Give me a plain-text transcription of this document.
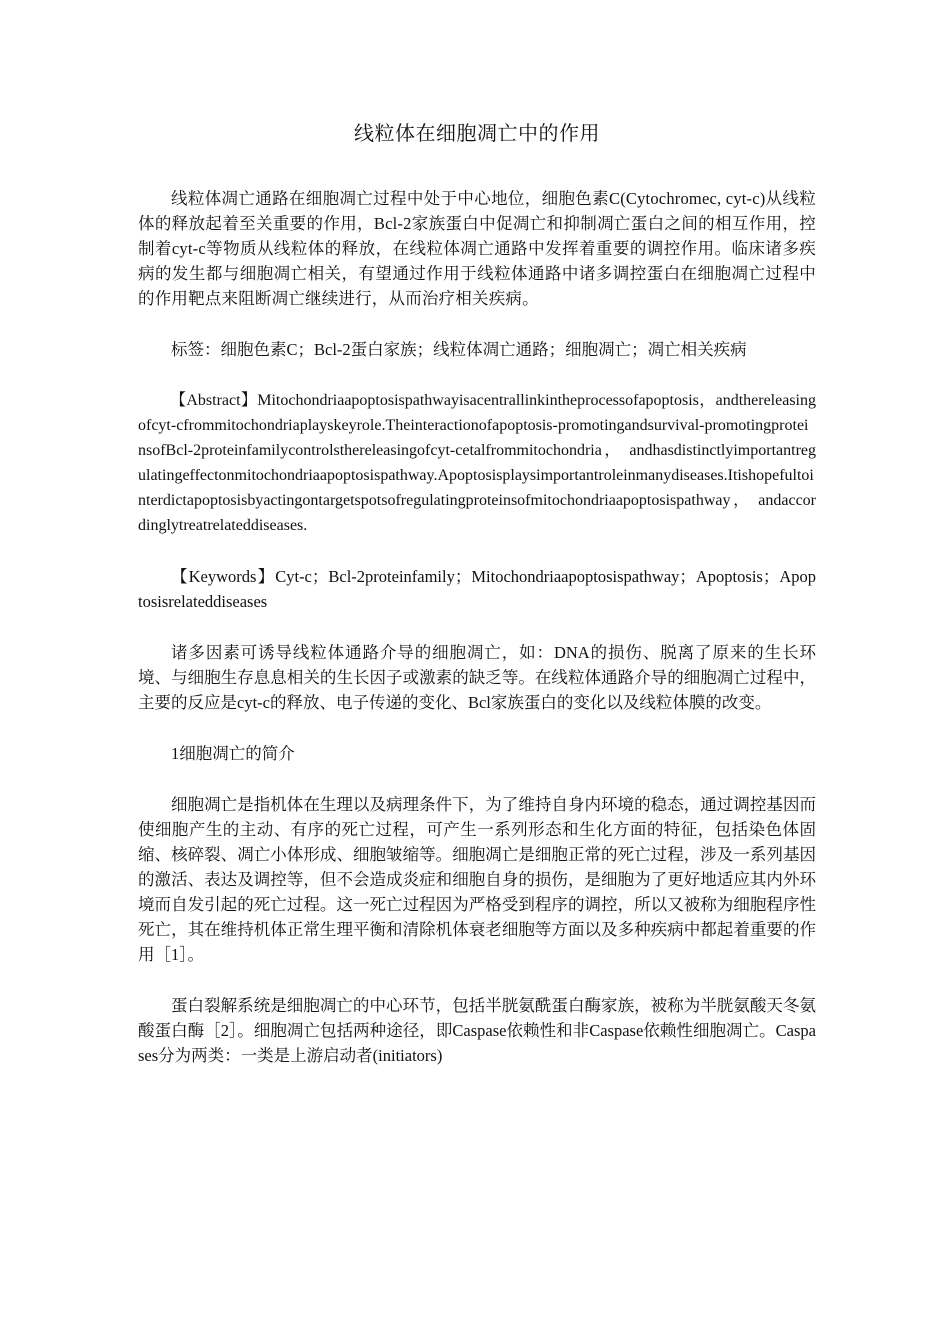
线粒体在细胞凋亡中的作用

线粒体凋亡通路在细胞凋亡过程中处于中心地位，细胞色素C(Cytochromec, cyt-c)从线粒体的释放起着至关重要的作用，Bcl-2家族蛋白中促凋亡和抑制凋亡蛋白之间的相互作用，控制着cyt-c等物质从线粒体的释放，在线粒体凋亡通路中发挥着重要的调控作用。临床诸多疾病的发生都与细胞凋亡相关，有望通过作用于线粒体通路中诸多调控蛋白在细胞凋亡过程中的作用靶点来阻断凋亡继续进行，从而治疗相关疾病。

标签：细胞色素C；Bcl-2蛋白家族；线粒体凋亡通路；细胞凋亡；凋亡相关疾病

【Abstract】Mitochondriaapoptosispathwayisacentrallinkintheprocessofapoptosis，andthereleasingofcyt-cfrommitochondriaplayskeyrole.Theinteractionofapoptosis-promotingandsurvival-promotingproteinsofBcl-2proteinfamilycontrolsthereleasingofcyt-cetalfrommitochondria， andhasdistinctlyimportantregulatingeffectonmitochondriaapoptosispathway.Apoptosisplaysimportantroleinmanydiseases.Itishopefultointerdictapoptosisbyactingontargetspotsofregulatingproteinsofmitochondriaapoptosispathway， andaccordinglytreatrelateddiseases.

【Keywords】Cyt-c；Bcl-2proteinfamily；Mitochondriaapoptosispathway；Apoptosis；Apoptosisrelateddiseases

诸多因素可诱导线粒体通路介导的细胞凋亡，如：DNA的损伤、脱离了原来的生长环境、与细胞生存息息相关的生长因子或激素的缺乏等。在线粒体通路介导的细胞凋亡过程中，主要的反应是cyt-c的释放、电子传递的变化、Bcl家族蛋白的变化以及线粒体膜的改变。

1细胞凋亡的简介

细胞凋亡是指机体在生理以及病理条件下，为了维持自身内环境的稳态，通过调控基因而使细胞产生的主动、有序的死亡过程，可产生一系列形态和生化方面的特征，包括染色体固缩、核碎裂、凋亡小体形成、细胞皱缩等。细胞凋亡是细胞正常的死亡过程，涉及一系列基因的激活、表达及调控等，但不会造成炎症和细胞自身的损伤，是细胞为了更好地适应其内外环境而自发引起的死亡过程。这一死亡过程因为严格受到程序的调控，所以又被称为细胞程序性死亡，其在维持机体正常生理平衡和清除机体衰老细胞等方面以及多种疾病中都起着重要的作用［1］。

蛋白裂解系统是细胞凋亡的中心环节，包括半胱氨酰蛋白酶家族，被称为半胱氨酸天冬氨酸蛋白酶［2］。细胞凋亡包括两种途径，即Caspase依赖性和非Caspase依赖性细胞凋亡。Caspases分为两类：一类是上游启动者(initiators)
